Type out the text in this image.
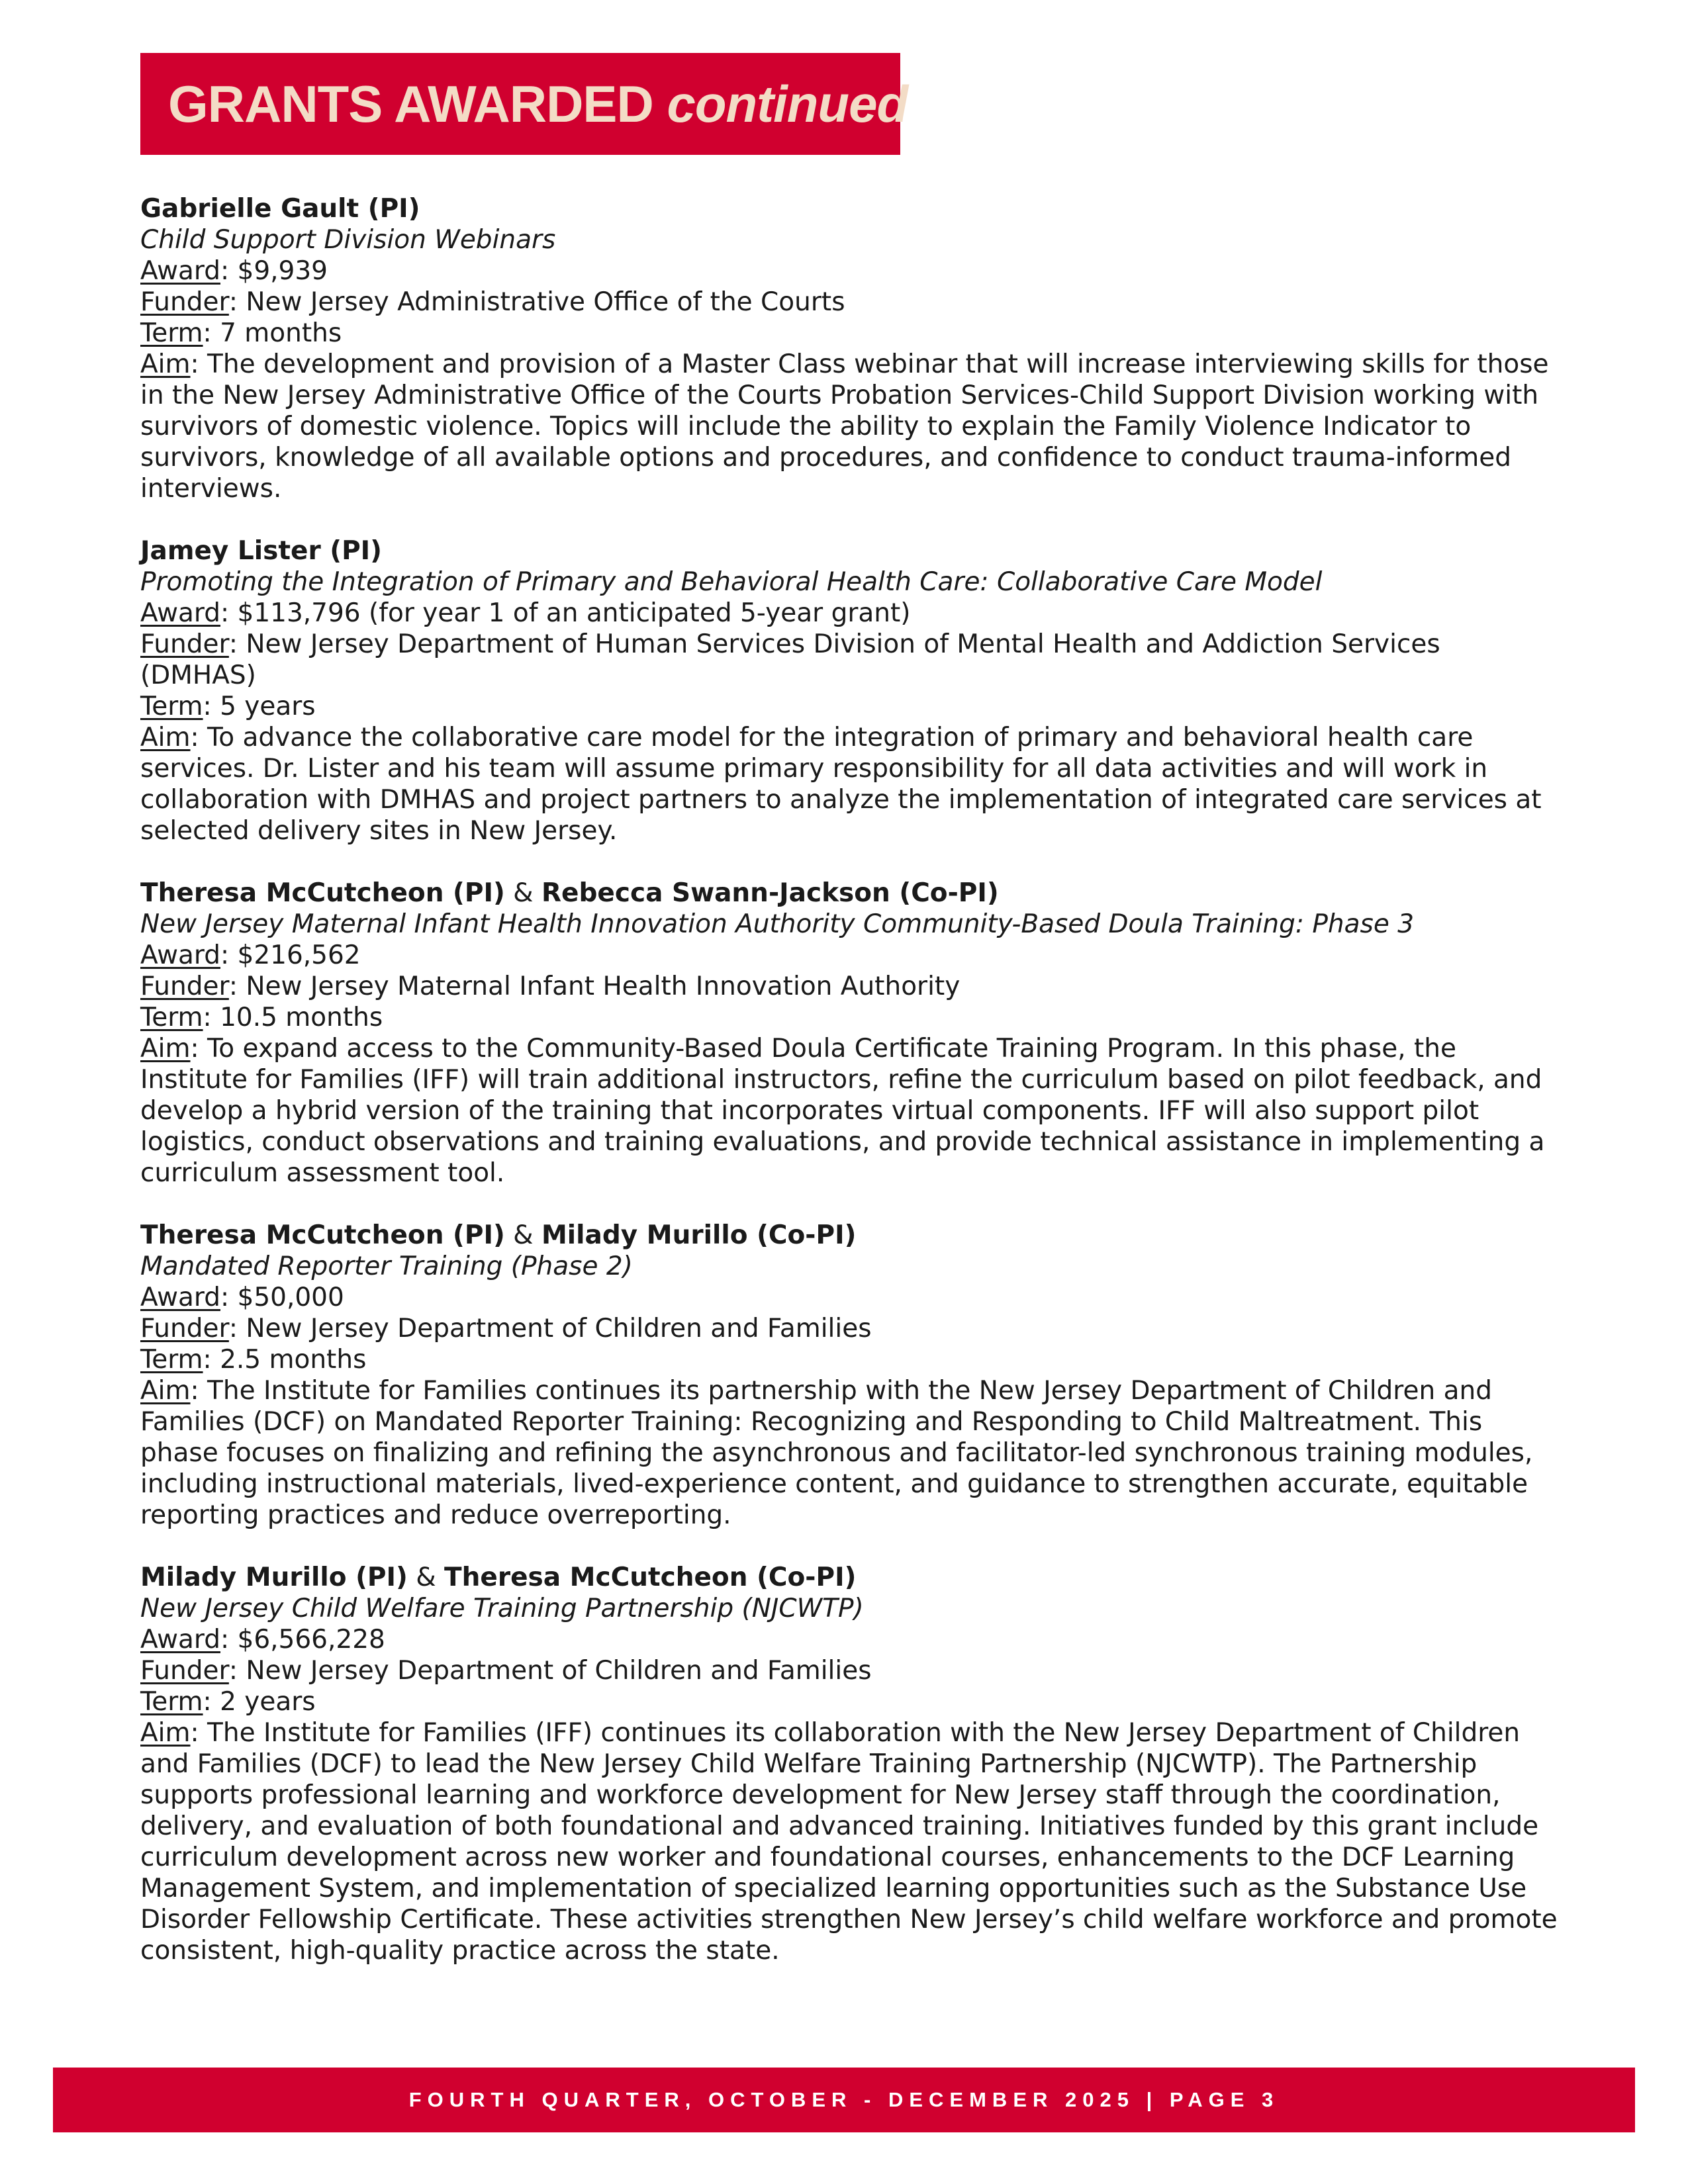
GRANTS AWARDED continued

Gabrielle Gault (PI)

Child Support Division Webinars

Award: $9,939

Funder: New Jersey Administrative Office of the Courts

Term: 7 months

Aim: The development and provision of a Master Class webinar that will increase interviewing skills for those in the New Jersey Administrative Office of the Courts Probation Services-Child Support Division working with survivors of domestic violence. Topics will include the ability to explain the Family Violence Indicator to survivors, knowledge of all available options and procedures, and confidence to conduct trauma-informed interviews.

Jamey Lister (PI)

Promoting the Integration of Primary and Behavioral Health Care: Collaborative Care Model

Award: $113,796 (for year 1 of an anticipated 5-year grant)

Funder: New Jersey Department of Human Services Division of Mental Health and Addiction Services (DMHAS)

Term: 5 years

Aim: To advance the collaborative care model for the integration of primary and behavioral health care services. Dr. Lister and his team will assume primary responsibility for all data activities and will work in collaboration with DMHAS and project partners to analyze the implementation of integrated care services at selected delivery sites in New Jersey.

Theresa McCutcheon (PI) & Rebecca Swann-Jackson (Co-PI)

New Jersey Maternal Infant Health Innovation Authority Community-Based Doula Training: Phase 3

Award: $216,562

Funder: New Jersey Maternal Infant Health Innovation Authority

Term: 10.5 months

Aim: To expand access to the Community-Based Doula Certificate Training Program. In this phase, the Institute for Families (IFF) will train additional instructors, refine the curriculum based on pilot feedback, and develop a hybrid version of the training that incorporates virtual components. IFF will also support pilot logistics, conduct observations and training evaluations, and provide technical assistance in implementing a curriculum assessment tool.

Theresa McCutcheon (PI) & Milady Murillo (Co-PI)

Mandated Reporter Training (Phase 2)

Award: $50,000

Funder: New Jersey Department of Children and Families

Term: 2.5 months

Aim: The Institute for Families continues its partnership with the New Jersey Department of Children and Families (DCF) on Mandated Reporter Training: Recognizing and Responding to Child Maltreatment. This phase focuses on finalizing and refining the asynchronous and facilitator-led synchronous training modules, including instructional materials, lived-experience content, and guidance to strengthen accurate, equitable reporting practices and reduce overreporting.

Milady Murillo (PI) & Theresa McCutcheon (Co-PI)

New Jersey Child Welfare Training Partnership (NJCWTP)

Award: $6,566,228

Funder: New Jersey Department of Children and Families

Term: 2 years

Aim: The Institute for Families (IFF) continues its collaboration with the New Jersey Department of Children and Families (DCF) to lead the New Jersey Child Welfare Training Partnership (NJCWTP). The Partnership supports professional learning and workforce development for New Jersey staff through the coordination, delivery, and evaluation of both foundational and advanced training. Initiatives funded by this grant include curriculum development across new worker and foundational courses, enhancements to the DCF Learning Management System, and implementation of specialized learning opportunities such as the Substance Use Disorder Fellowship Certificate. These activities strengthen New Jersey’s child welfare workforce and promote consistent, high-quality practice across the state.

FOURTH QUARTER, OCTOBER - DECEMBER 2025 | PAGE 3
